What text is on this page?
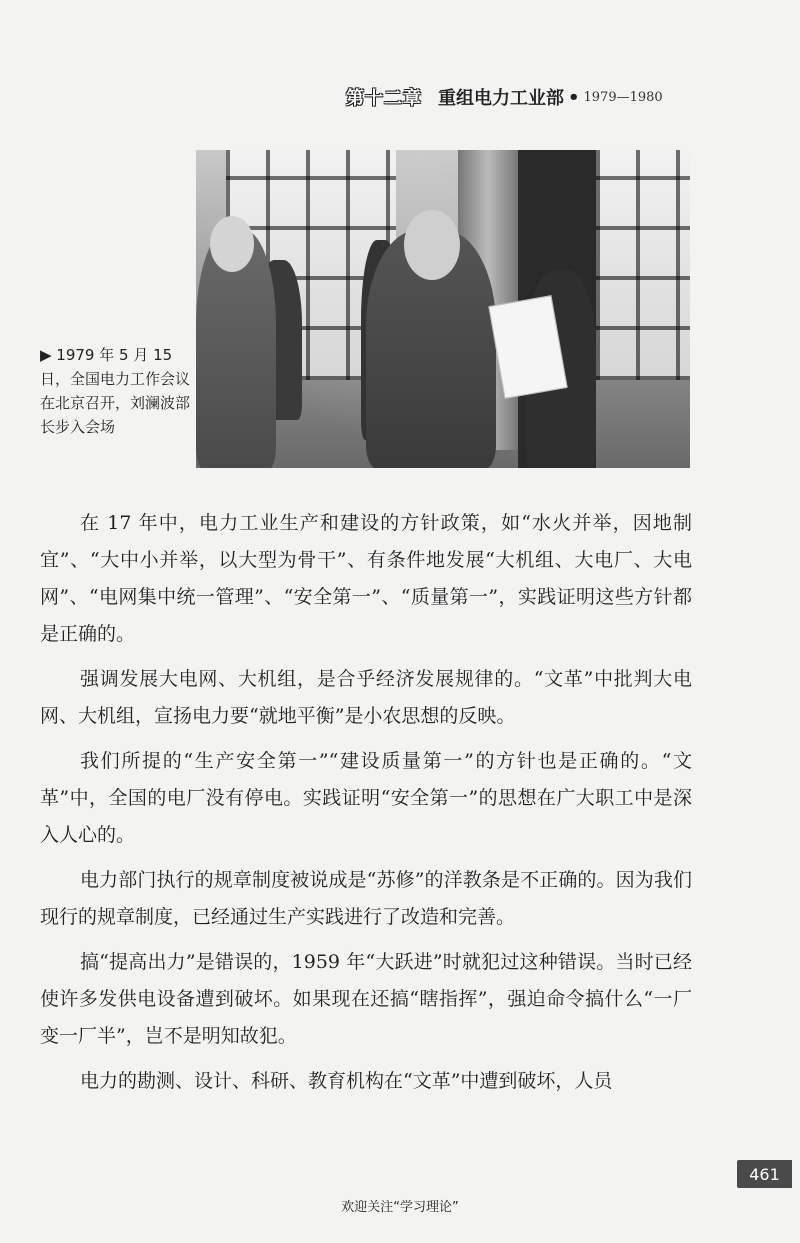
第十二章 重组电力工业部 • 1979—1980

▶ 1979 年 5 月 15 日，全国电力工作会议在北京召开，刘澜波部长步入会场

在 17 年中，电力工业生产和建设的方针政策，如“水火并举，因地制宜”、“大中小并举，以大型为骨干”、有条件地发展“大机组、大电厂、大电网”、“电网集中统一管理”、“安全第一”、“质量第一”，实践证明这些方针都是正确的。

强调发展大电网、大机组，是合乎经济发展规律的。“文革”中批判大电网、大机组，宣扬电力要“就地平衡”是小农思想的反映。

我们所提的“生产安全第一”“建设质量第一”的方针也是正确的。“文革”中，全国的电厂没有停电。实践证明“安全第一”的思想在广大职工中是深入人心的。

电力部门执行的规章制度被说成是“苏修”的洋教条是不正确的。因为我们现行的规章制度，已经通过生产实践进行了改造和完善。

搞“提高出力”是错误的，1959 年“大跃进”时就犯过这种错误。当时已经使许多发供电设备遭到破坏。如果现在还搞“瞎指挥”，强迫命令搞什么“一厂变一厂半”，岂不是明知故犯。

电力的勘测、设计、科研、教育机构在“文革”中遭到破坏，人员

461
欢迎关注“学习理论”
